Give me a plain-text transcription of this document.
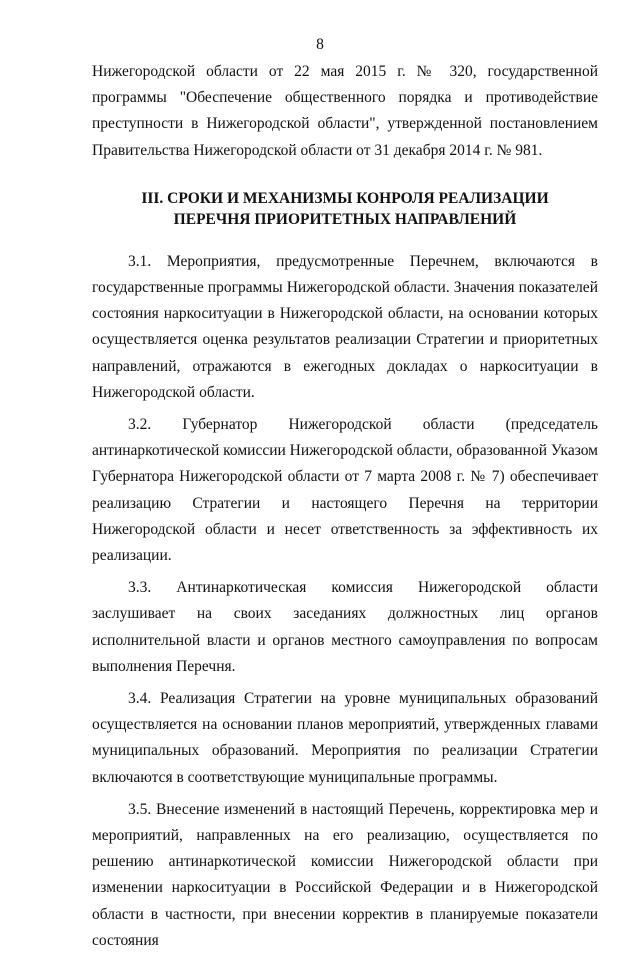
8

Нижегородской области от 22 мая 2015 г. № 320, государственной программы "Обеспечение общественного порядка и противодействие преступности в Нижегородской области", утвержденной постановлением Правительства Нижегородской области от 31 декабря 2014 г. № 981.

III. СРОКИ И МЕХАНИЗМЫ КОНРОЛЯ РЕАЛИЗАЦИИ
ПЕРЕЧНЯ ПРИОРИТЕТНЫХ НАПРАВЛЕНИЙ

3.1. Мероприятия, предусмотренные Перечнем, включаются в государственные программы Нижегородской области. Значения показателей состояния наркоситуации в Нижегородской области, на основании которых осуществляется оценка результатов реализации Стратегии и приоритетных направлений, отражаются в ежегодных докладах о наркоситуации в Нижегородской области.

3.2. Губернатор Нижегородской области (председатель антинаркотической комиссии Нижегородской области, образованной Указом Губернатора Нижегородской области от 7 марта 2008 г. № 7) обеспечивает реализацию Стратегии и настоящего Перечня на территории Нижегородской области и несет ответственность за эффективность их реализации.

3.3. Антинаркотическая комиссия Нижегородской области заслушивает на своих заседаниях должностных лиц органов исполнительной власти и органов местного самоуправления по вопросам выполнения Перечня.

3.4. Реализация Стратегии на уровне муниципальных образований осуществляется на основании планов мероприятий, утвержденных главами муниципальных образований. Мероприятия по реализации Стратегии включаются в соответствующие муниципальные программы.

3.5. Внесение изменений в настоящий Перечень, корректировка мер и мероприятий, направленных на его реализацию, осуществляется по решению антинаркотической комиссии Нижегородской области при изменении наркоситуации в Российской Федерации и в Нижегородской области в частности, при внесении корректив в планируемые показатели состояния
